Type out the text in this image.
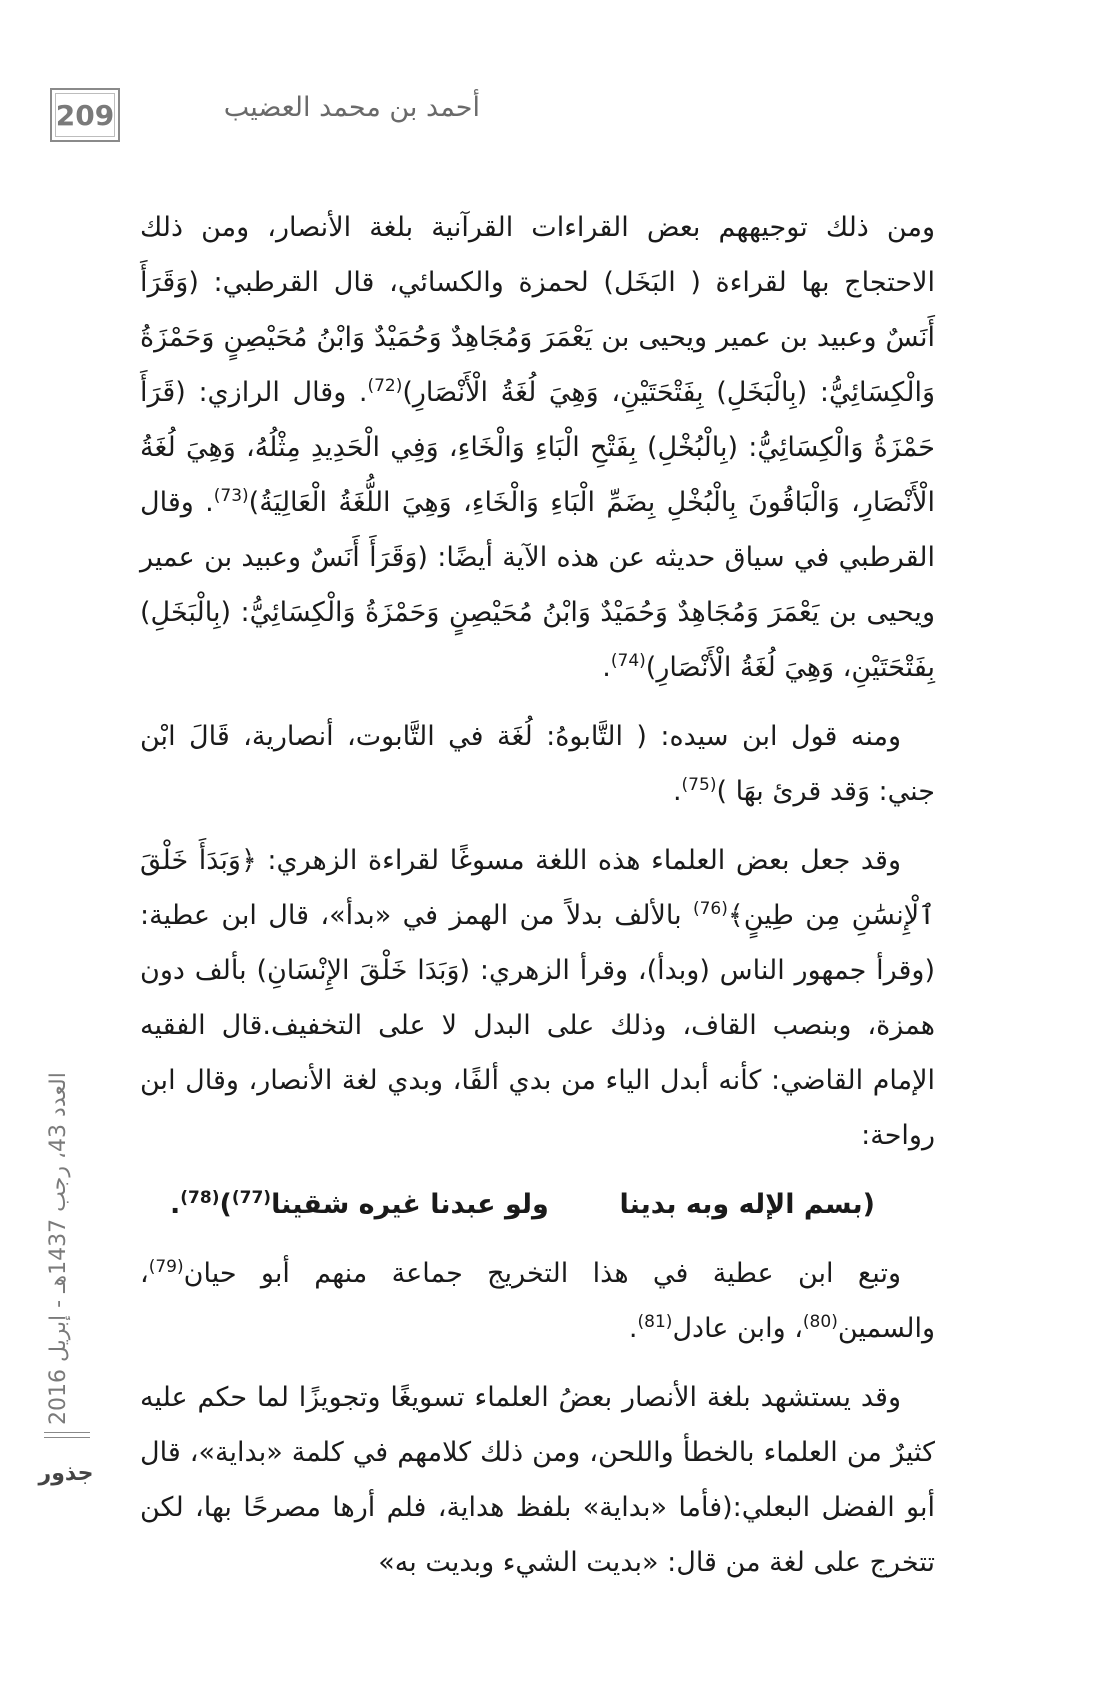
209	أحمد بن محمد العضيب

ومن ذلك توجيههم بعض القراءات القرآنية بلغة الأنصار، ومن ذلك الاحتجاج بها لقراءة ( البَخَل) لحمزة والكسائي، قال القرطبي: (وَقَرَأَ أَنَسٌ وعبيد بن عمير ويحيى بن يَعْمَرَ وَمُجَاهِدٌ وَحُمَيْدٌ وَابْنُ مُحَيْصِنٍ وَحَمْزَةُ وَالْكِسَائِيُّ: (بِالْبَخَلِ) بِفَتْحَتَيْنِ، وَهِيَ لُغَةُ الْأَنْصَارِ)$^{(72)}$. وقال الرازي: (قَرَأَ حَمْزَةُ وَالْكِسَائِيُّ: (بِالْبُخْلِ) بِفَتْحِ الْبَاءِ وَالْخَاءِ، وَفِي الْحَدِيدِ مِثْلُهُ، وَهِيَ لُغَةُ الْأَنْصَارِ، وَالْبَاقُونَ بِالْبُخْلِ بِضَمِّ الْبَاءِ وَالْخَاءِ، وَهِيَ اللُّغَةُ الْعَالِيَةُ)$^{(73)}$. وقال القرطبي في سياق حديثه عن هذه الآية أيضًا: (وَقَرَأَ أَنَسٌ وعبيد بن عمير ويحيى بن يَعْمَرَ وَمُجَاهِدٌ وَحُمَيْدٌ وَابْنُ مُحَيْصِنٍ وَحَمْزَةُ وَالْكِسَائِيُّ: (بِالْبَخَلِ) بِفَتْحَتَيْنِ، وَهِيَ لُغَةُ الْأَنْصَارِ)$^{(74)}$.

ومنه قول ابن سيده: ( التَّابوهُ: لُغَة في التَّابوت، أنصارية، قَالَ ابْن جني: وَقد قرئ بهَا )$^{(75)}$.

وقد جعل بعض العلماء هذه اللغة مسوغًا لقراءة الزهري: ﴿وَبَدَأَ خَلْقَ ٱلْإِنسَٰنِ مِن طِينٍ﴾$^{(76)}$ بالألف بدلاً من الهمز في «بدأ»، قال ابن عطية: (وقرأ جمهور الناس (وبدأ)، وقرأ الزهري: (وَبَدَا خَلْقَ الإِنْسَانِ) بألف دون همزة، وبنصب القاف، وذلك على البدل لا على التخفيف.قال الفقيه الإمام القاضي: كأنه أبدل الياء من بدي ألفًا، وبدي لغة الأنصار، وقال ابن رواحة:

(بسم الإله وبه بدينا
ولو عبدنا غيره شقينا$^{(77)}$)$^{(78)}$.

وتبع ابن عطية في هذا التخريج جماعة منهم أبو حيان$^{(79)}$، والسمين$^{(80)}$، وابن عادل$^{(81)}$.

وقد يستشهد بلغة الأنصار بعضُ العلماء تسويغًا وتجويزًا لما حكم عليه كثيرٌ من العلماء بالخطأ واللحن، ومن ذلك كلامهم في كلمة «بداية»، قال أبو الفضل البعلي:(فأما «بداية» بلفظ هداية، فلم أرها مصرحًا بها، لكن تتخرج على لغة من قال: «بديت الشيء وبديت به»

العدد 43، رجب 1437هـ - إبريل 2016
جذور
